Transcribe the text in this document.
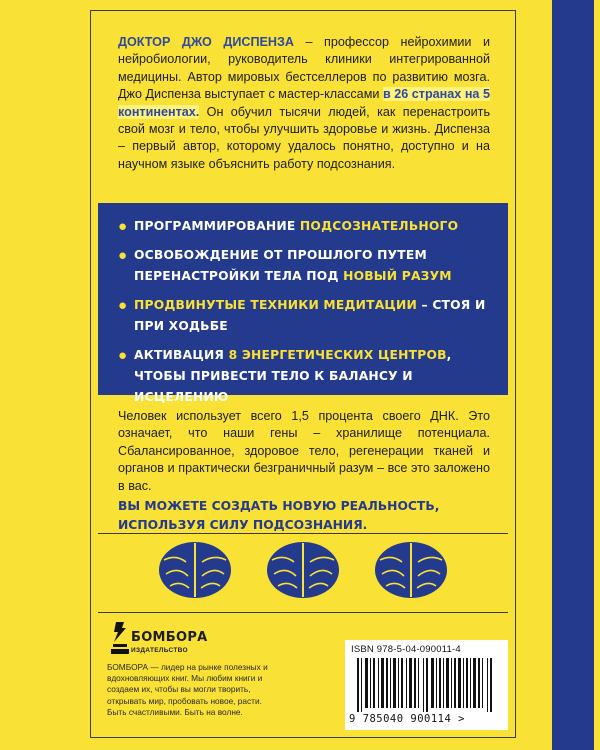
ДОКТОР ДЖО ДИСПЕНЗА – профессор нейрохимии и нейробиологии, руководитель клиники интегрированной медицины. Автор мировых бестселлеров по развитию мозга. Джо Диспенза выступает с мастер-классами в 26 странах на 5 континентах. Он обучил тысячи людей, как перенастроить свой мозг и тело, чтобы улучшить здоровье и жизнь. Диспенза – первый автор, которому удалось понятно, доступно и на научном языке объяснить работу подсознания.

● ПРОГРАММИРОВАНИЕ ПОДСОЗНАТЕЛЬНОГО

● ОСВОБОЖДЕНИЕ ОТ ПРОШЛОГО ПУТЕМ
ПЕРЕНАСТРОЙКИ ТЕЛА ПОД НОВЫЙ РАЗУМ

● ПРОДВИНУТЫЕ ТЕХНИКИ МЕДИТАЦИИ – СТОЯ И ПРИ ХОДЬБЕ

● АКТИВАЦИЯ 8 ЭНЕРГЕТИЧЕСКИХ ЦЕНТРОВ, ЧТОБЫ ПРИВЕСТИ ТЕЛО К БАЛАНСУ И ИСЦЕЛЕНИЮ

Человек использует всего 1,5 процента своего ДНК. Это означает, что наши гены – хранилище потенциала. Сбалансированное, здоровое тело, регенерации тканей и органов и практически безграничный разум – все это заложено в вас.

ВЫ МОЖЕТЕ СОЗДАТЬ НОВУЮ РЕАЛЬНОСТЬ,
ИСПОЛЬЗУЯ СИЛУ ПОДСОЗНАНИЯ.

БОМБОРА

ИЗДАТЕЛЬСТВО

БОМБОРА — лидер на рынке полезных и вдохновляющих книг. Мы любим книги и создаем их, чтобы вы могли творить, открывать мир, пробовать новое, расти. Быть счастливыми. Быть на волне.

ISBN 978-5-04-090011-4

9 785040 900114 >
